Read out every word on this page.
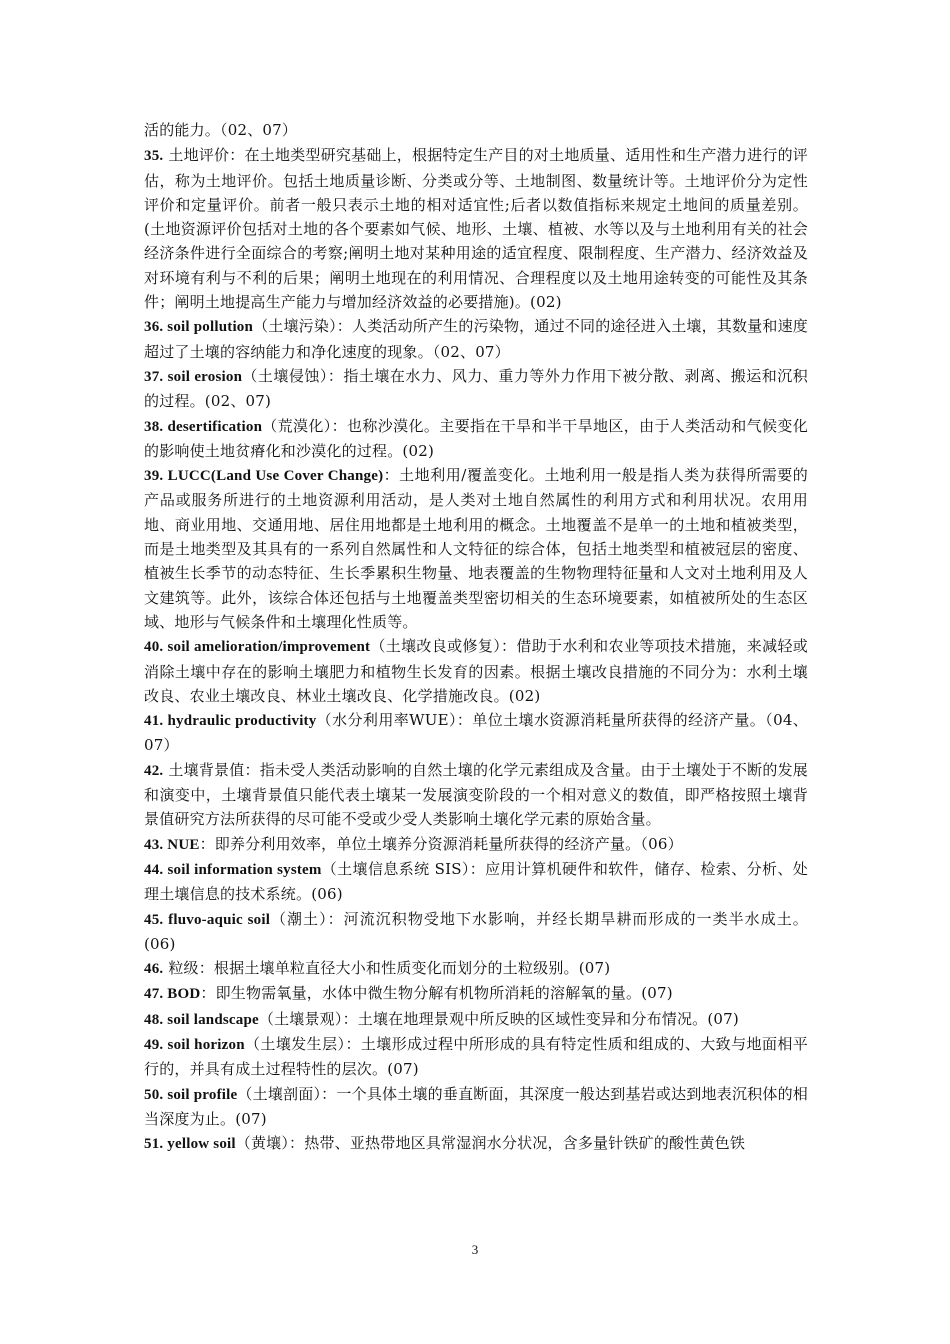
活的能力。（02、07）

35. 土地评价：在土地类型研究基础上，根据特定生产目的对土地质量、适用性和生产潜力进行的评估，称为土地评价。包括土地质量诊断、分类或分等、土地制图、数量统计等。土地评价分为定性评价和定量评价。前者一般只表示土地的相对适宜性;后者以数值指标来规定土地间的质量差别。(土地资源评价包括对土地的各个要素如气候、地形、土壤、植被、水等以及与土地利用有关的社会经济条件进行全面综合的考察;阐明土地对某种用途的适宜程度、限制程度、生产潜力、经济效益及对环境有利与不利的后果；阐明土地现在的利用情况、合理程度以及土地用途转变的可能性及其条件；阐明土地提高生产能力与增加经济效益的必要措施)。(02)

36. soil pollution（土壤污染）：人类活动所产生的污染物，通过不同的途径进入土壤，其数量和速度超过了土壤的容纳能力和净化速度的现象。（02、07）

37. soil erosion（土壤侵蚀）：指土壤在水力、风力、重力等外力作用下被分散、剥离、搬运和沉积的过程。(02、07)

38. desertification（荒漠化）：也称沙漠化。主要指在干旱和半干旱地区，由于人类活动和气候变化的影响使土地贫瘠化和沙漠化的过程。(02)

39. LUCC(Land Use Cover Change)：土地利用/覆盖变化。土地利用一般是指人类为获得所需要的产品或服务所进行的土地资源利用活动，是人类对土地自然属性的利用方式和利用状况。农用用地、商业用地、交通用地、居住用地都是土地利用的概念。土地覆盖不是单一的土地和植被类型，而是土地类型及其具有的一系列自然属性和人文特征的综合体，包括土地类型和植被冠层的密度、植被生长季节的动态特征、生长季累积生物量、地表覆盖的生物物理特征量和人文对土地利用及人文建筑等。此外，该综合体还包括与土地覆盖类型密切相关的生态环境要素，如植被所处的生态区域、地形与气候条件和土壤理化性质等。

40. soil amelioration/improvement（土壤改良或修复）：借助于水利和农业等项技术措施，来减轻或消除土壤中存在的影响土壤肥力和植物生长发育的因素。根据土壤改良措施的不同分为：水利土壤改良、农业土壤改良、林业土壤改良、化学措施改良。(02)

41. hydraulic productivity（水分利用率WUE）：单位土壤水资源消耗量所获得的经济产量。（04、07）

42. 土壤背景值：指未受人类活动影响的自然土壤的化学元素组成及含量。由于土壤处于不断的发展和演变中，土壤背景值只能代表土壤某一发展演变阶段的一个相对意义的数值，即严格按照土壤背景值研究方法所获得的尽可能不受或少受人类影响土壤化学元素的原始含量。

43. NUE：即养分利用效率，单位土壤养分资源消耗量所获得的经济产量。（06）

44. soil information system（土壤信息系统 SIS）：应用计算机硬件和软件，储存、检索、分析、处理土壤信息的技术系统。(06)

45. fluvo-aquic soil（潮土）：河流沉积物受地下水影响，并经长期旱耕而形成的一类半水成土。(06)

46. 粒级：根据土壤单粒直径大小和性质变化而划分的土粒级别。(07)

47. BOD：即生物需氧量，水体中微生物分解有机物所消耗的溶解氧的量。(07)

48. soil landscape（土壤景观）：土壤在地理景观中所反映的区域性变异和分布情况。(07)

49. soil horizon（土壤发生层）：土壤形成过程中所形成的具有特定性质和组成的、大致与地面相平行的，并具有成土过程特性的层次。(07)

50. soil profile（土壤剖面）：一个具体土壤的垂直断面，其深度一般达到基岩或达到地表沉积体的相当深度为止。(07)

51. yellow soil（黄壤）：热带、亚热带地区具常湿润水分状况，含多量针铁矿的酸性黄色铁

3
